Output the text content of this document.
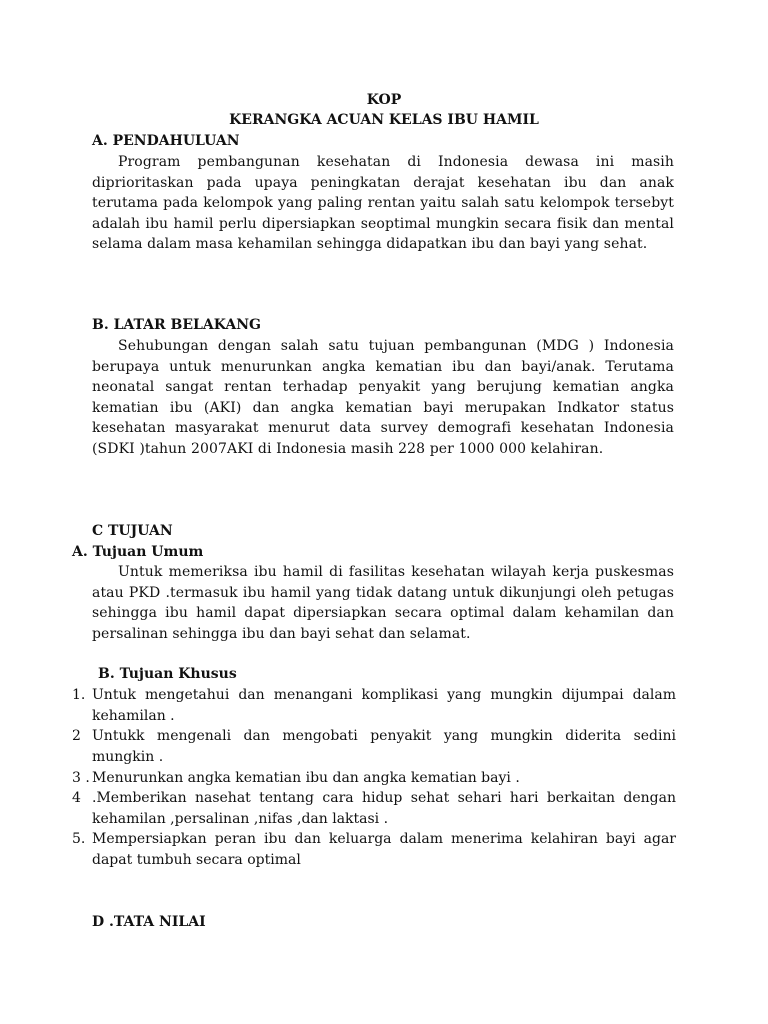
KOP
KERANGKA ACUAN KELAS IBU HAMIL
A. PENDAHULUAN
Program pembangunan kesehatan di Indonesia dewasa ini masih diprioritaskan pada upaya peningkatan derajat kesehatan ibu dan anak terutama pada kelompok yang paling rentan yaitu salah satu kelompok tersebyt adalah ibu hamil perlu dipersiapkan seoptimal mungkin secara fisik dan mental selama dalam masa kehamilan sehingga didapatkan ibu dan bayi yang sehat.
B. LATAR BELAKANG
Sehubungan dengan salah satu tujuan pembangunan (MDG ) Indonesia berupaya untuk menurunkan angka kematian ibu dan bayi/anak. Terutama neonatal sangat rentan terhadap penyakit yang berujung kematian angka kematian ibu (AKI) dan angka kematian bayi merupakan Indkator status kesehatan masyarakat menurut data survey demografi kesehatan Indonesia (SDKI )tahun 2007AKI di Indonesia masih 228 per 1000 000 kelahiran.
C TUJUAN
A. Tujuan Umum
Untuk memeriksa ibu hamil di fasilitas kesehatan wilayah kerja puskesmas atau PKD .termasuk ibu hamil yang tidak datang untuk dikunjungi oleh petugas sehingga ibu hamil dapat dipersiapkan secara optimal dalam kehamilan dan persalinan sehingga ibu dan bayi sehat dan selamat.
B. Tujuan Khusus
1. Untuk mengetahui dan menangani komplikasi yang mungkin dijumpai dalam kehamilan .
2 Untukk mengenali dan mengobati penyakit yang mungkin diderita sedini mungkin .
3 . Menurunkan angka kematian ibu dan angka kematian bayi .
4 .Memberikan nasehat tentang cara hidup sehat sehari hari berkaitan dengan kehamilan ,persalinan ,nifas ,dan laktasi .
5. Mempersiapkan peran ibu dan keluarga dalam menerima kelahiran bayi agar dapat tumbuh secara optimal
D .TATA NILAI
